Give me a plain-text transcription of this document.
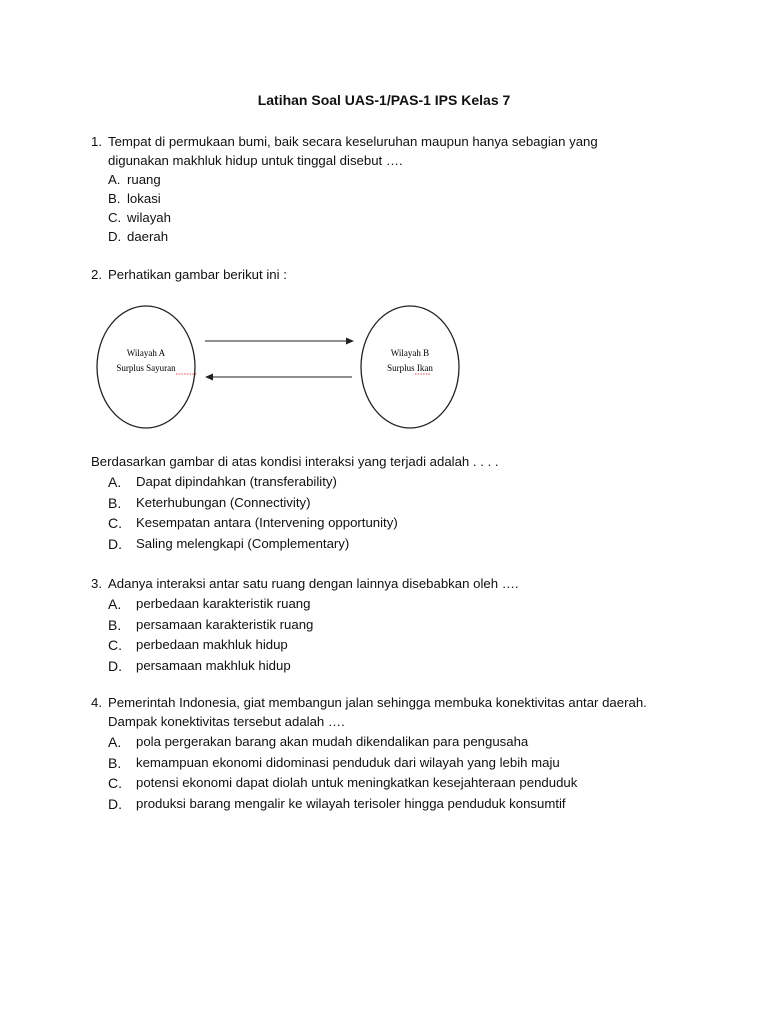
Latihan Soal UAS-1/PAS-1 IPS Kelas 7
1. Tempat di permukaan bumi, baik secara keseluruhan maupun hanya sebagian yang
digunakan makhluk hidup untuk tinggal disebut ….
A. ruang
B. lokasi
C. wilayah
D. daerah
2. Perhatikan gambar berikut ini :
Wilayah A
Surplus Sayuran
Wilayah B
Surplus Ikan
Berdasarkan gambar di atas kondisi interaksi yang terjadi adalah . . . .
A. Dapat dipindahkan (transferability)
B. Keterhubungan (Connectivity)
C. Kesempatan antara (Intervening opportunity)
D. Saling melengkapi (Complementary)
3. Adanya interaksi antar satu ruang dengan lainnya disebabkan oleh ….
A. perbedaan karakteristik ruang
B. persamaan karakteristik ruang
C. perbedaan makhluk hidup
D. persamaan makhluk hidup
4. Pemerintah Indonesia, giat membangun jalan sehingga membuka konektivitas antar daerah.
Dampak konektivitas tersebut adalah ….
A. pola pergerakan barang akan mudah dikendalikan para pengusaha
B. kemampuan ekonomi didominasi penduduk dari wilayah yang lebih maju
C. potensi ekonomi dapat diolah untuk meningkatkan kesejahteraan penduduk
D. produksi barang mengalir ke wilayah terisoler hingga penduduk konsumtif
